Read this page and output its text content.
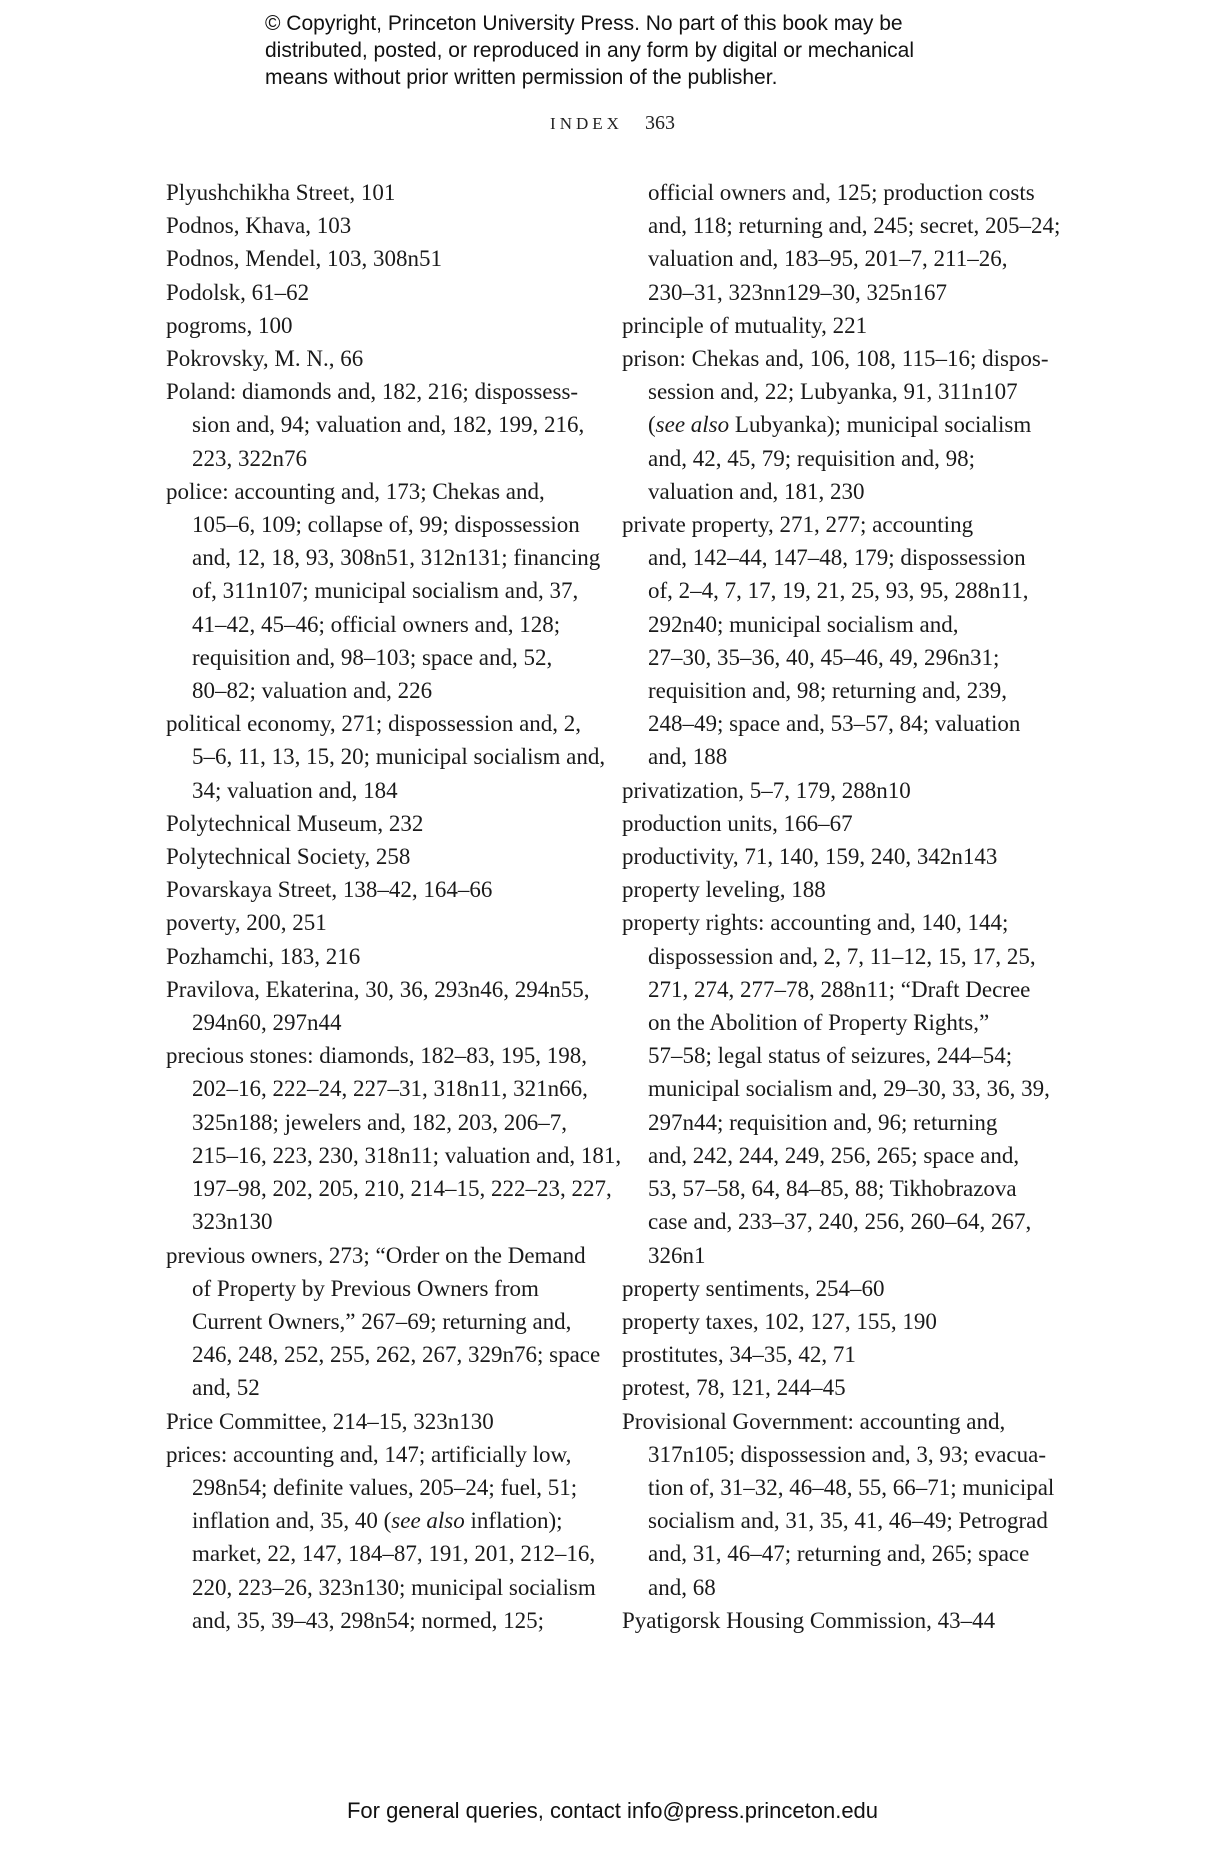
© Copyright, Princeton University Press. No part of this book may be
distributed, posted, or reproduced in any form by digital or mechanical
means without prior written permission of the publisher.
INDEX 363
Plyushchikha Street, 101
Podnos, Khava, 103
Podnos, Mendel, 103, 308n51
Podolsk, 61–62
pogroms, 100
Pokrovsky, M. N., 66
Poland: diamonds and, 182, 216; dispossess-
sion and, 94; valuation and, 182, 199, 216,
223, 322n76
police: accounting and, 173; Chekas and,
105–6, 109; collapse of, 99; dispossession
and, 12, 18, 93, 308n51, 312n131; financing
of, 311n107; municipal socialism and, 37,
41–42, 45–46; official owners and, 128;
requisition and, 98–103; space and, 52,
80–82; valuation and, 226
political economy, 271; dispossession and, 2,
5–6, 11, 13, 15, 20; municipal socialism and,
34; valuation and, 184
Polytechnical Museum, 232
Polytechnical Society, 258
Povarskaya Street, 138–42, 164–66
poverty, 200, 251
Pozhamchi, 183, 216
Pravilova, Ekaterina, 30, 36, 293n46, 294n55,
294n60, 297n44
precious stones: diamonds, 182–83, 195, 198,
202–16, 222–24, 227–31, 318n11, 321n66,
325n188; jewelers and, 182, 203, 206–7,
215–16, 223, 230, 318n11; valuation and, 181,
197–98, 202, 205, 210, 214–15, 222–23, 227,
323n130
previous owners, 273; “Order on the Demand
of Property by Previous Owners from
Current Owners,” 267–69; returning and,
246, 248, 252, 255, 262, 267, 329n76; space
and, 52
Price Committee, 214–15, 323n130
prices: accounting and, 147; artificially low,
298n54; definite values, 205–24; fuel, 51;
inflation and, 35, 40 (see also inflation);
market, 22, 147, 184–87, 191, 201, 212–16,
220, 223–26, 323n130; municipal socialism
and, 35, 39–43, 298n54; normed, 125;
official owners and, 125; production costs
and, 118; returning and, 245; secret, 205–24;
valuation and, 183–95, 201–7, 211–26,
230–31, 323nn129–30, 325n167
principle of mutuality, 221
prison: Chekas and, 106, 108, 115–16; dispos-
session and, 22; Lubyanka, 91, 311n107
(see also Lubyanka); municipal socialism
and, 42, 45, 79; requisition and, 98;
valuation and, 181, 230
private property, 271, 277; accounting
and, 142–44, 147–48, 179; dispossession
of, 2–4, 7, 17, 19, 21, 25, 93, 95, 288n11,
292n40; municipal socialism and,
27–30, 35–36, 40, 45–46, 49, 296n31;
requisition and, 98; returning and, 239,
248–49; space and, 53–57, 84; valuation
and, 188
privatization, 5–7, 179, 288n10
production units, 166–67
productivity, 71, 140, 159, 240, 342n143
property leveling, 188
property rights: accounting and, 140, 144;
dispossession and, 2, 7, 11–12, 15, 17, 25,
271, 274, 277–78, 288n11; “Draft Decree
on the Abolition of Property Rights,”
57–58; legal status of seizures, 244–54;
municipal socialism and, 29–30, 33, 36, 39,
297n44; requisition and, 96; returning
and, 242, 244, 249, 256, 265; space and,
53, 57–58, 64, 84–85, 88; Tikhobrazova
case and, 233–37, 240, 256, 260–64, 267,
326n1
property sentiments, 254–60
property taxes, 102, 127, 155, 190
prostitutes, 34–35, 42, 71
protest, 78, 121, 244–45
Provisional Government: accounting and,
317n105; dispossession and, 3, 93; evacua-
tion of, 31–32, 46–48, 55, 66–71; municipal
socialism and, 31, 35, 41, 46–49; Petrograd
and, 31, 46–47; returning and, 265; space
and, 68
Pyatigorsk Housing Commission, 43–44
For general queries, contact info@press.princeton.edu
